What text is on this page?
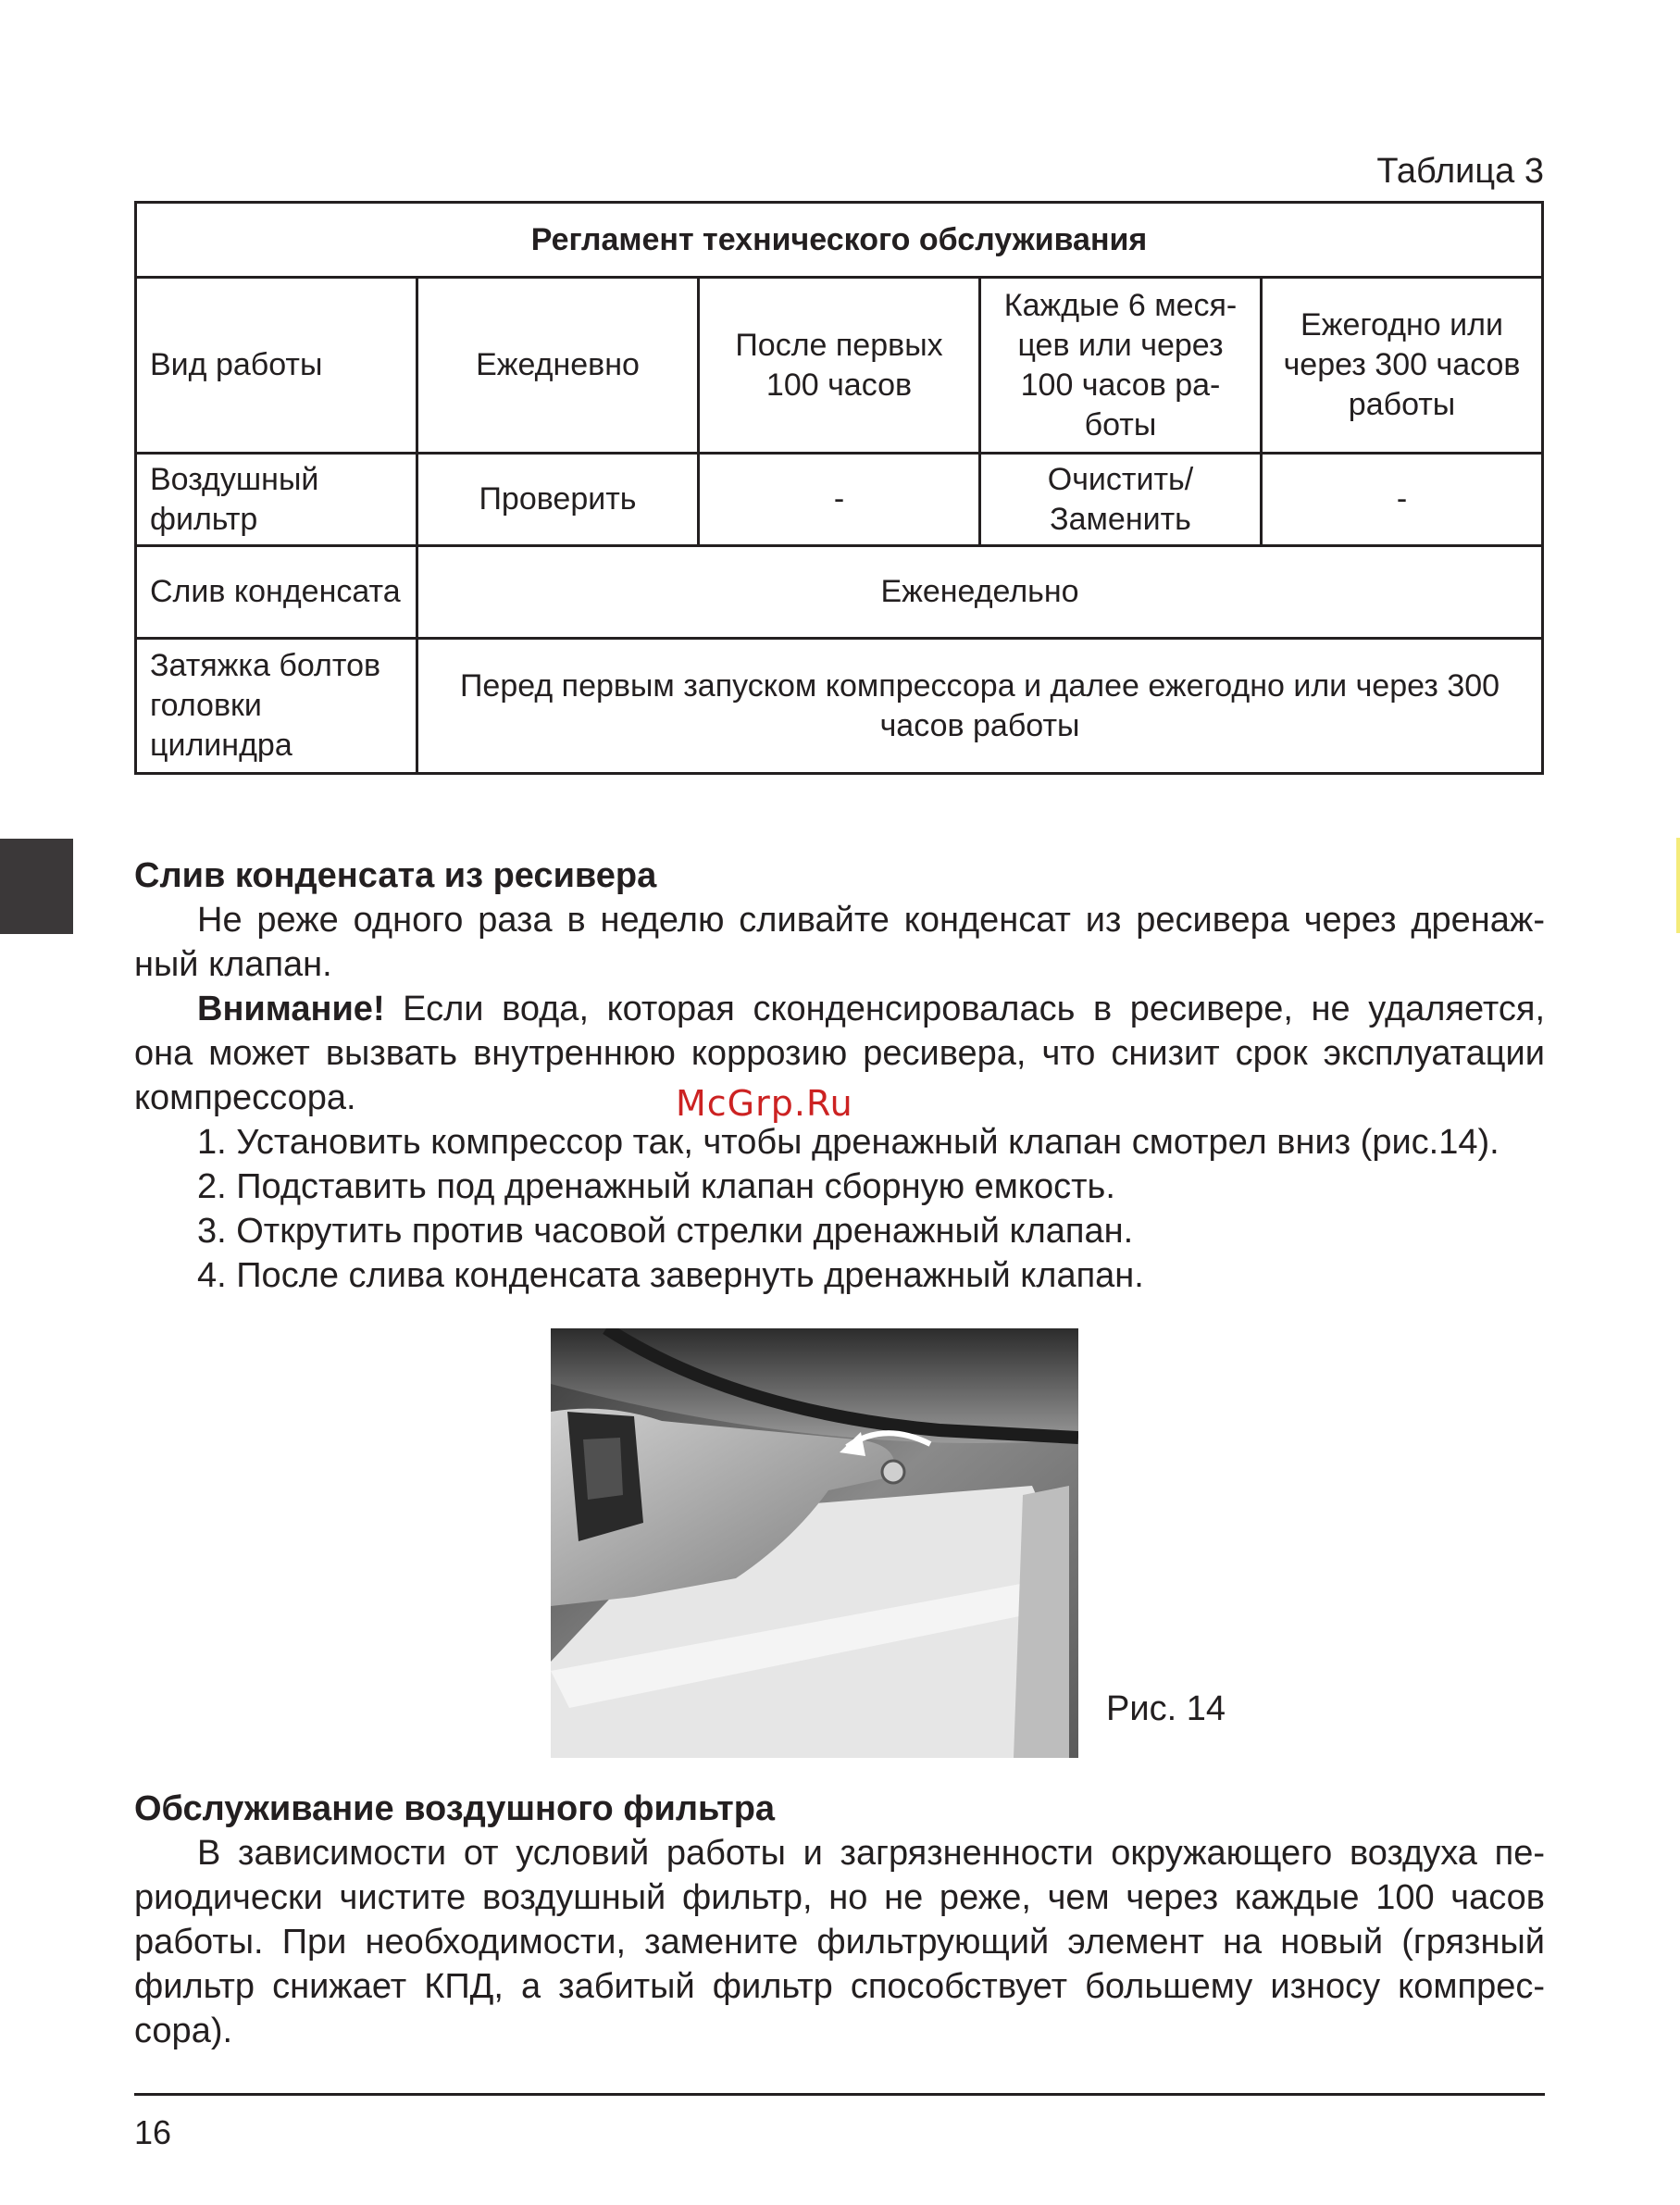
Таблица 3
Регламент технического обслуживания				
Вид работы	Ежедневно	После первых 100 часов	Каждые 6 меся-цев или через 100 часов ра-боты	Ежегодно или через 300 часов работы
Воздушный фильтр	Проверить	-	Очистить/ Заменить	-
Слив конденсата	Еженедельно			
Затяжка болтов головки цилиндра	Перед первым запуском компрессора и далее ежегодно или через 300 часов работы			
Слив конденсата из ресивера
Не реже одного раза в неделю сливайте конденсат из ресивера через дренаж-ный клапан.
Внимание! Если вода, которая сконденсировалась в ресивере, не удаляется, она может вызвать внутреннюю коррозию ресивера, что снизит срок эксплуатации компрессора.	McGrp.Ru
1. Установить компрессор так, чтобы дренажный клапан смотрел вниз (рис.14).
2. Подставить под дренажный клапан сборную емкость.
3. Открутить против часовой стрелки дренажный клапан.
4. После слива конденсата завернуть дренажный клапан.
Рис. 14
Обслуживание воздушного фильтра
В зависимости от условий работы и загрязненности окружающего воздуха пе-риодически чистите воздушный фильтр, но не реже, чем через каждые 100 часов работы. При необходимости, замените фильтрующий элемент на новый (грязный фильтр снижает КПД, а забитый фильтр способствует большему износу компрес-сора).
16
